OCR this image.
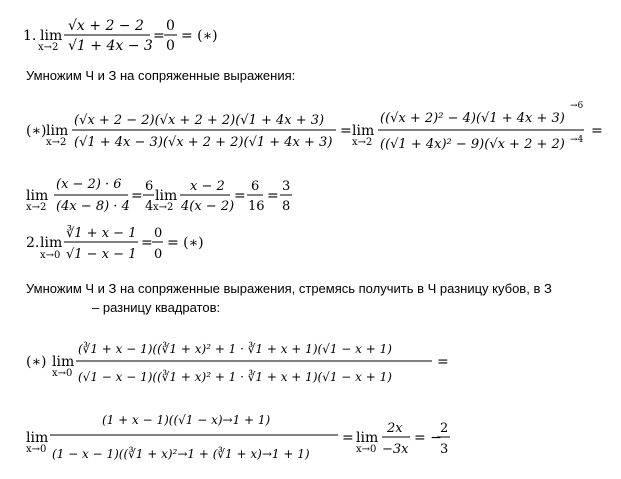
Умножим Ч и З на сопряженные выражения:
Умножим Ч и З на сопряженные выражения, стремясь получить в Ч разницу кубов, в З
– разницу квадратов:
1. lim
x→2
√x + 2 − 2
√1 + 4x − 3
=
0
0
= (∗)
(∗) lim
x→2
(√x + 2 − 2)(√x + 2 + 2)(√1 + 4x + 3)
(√1 + 4x − 3)(√x + 2 + 2)(√1 + 4x + 3)
= lim
x→2
((√x + 2)² − 4)(√1 + 4x + 3)
→6
((√1 + 4x)² − 9)(√x + 2 + 2) →4
=
lim
x→2
(x − 2) · 6
(4x − 8) · 4
=
6
4
lim
x→2
x − 2
4(x − 2)
=
6
16
=
3
8
2. lim
x→0
∛1 + x − 1
√1 − x − 1
=
0
0
= (∗)
(∗) lim
x→0
(∛1 + x − 1)((∛1 + x)² + 1 · ∛1 + x + 1)(√1 − x + 1)
(√1 − x − 1)((∛1 + x)² + 1 · ∛1 + x + 1)(√1 − x + 1)
=
lim
x→0
(1 + x − 1)((√1 − x)→1 + 1)
(1 − x − 1)((∛1 + x)²→1 + (∛1 + x)→1 + 1)
= lim
x→0
2x
−3x
= −
2
3
